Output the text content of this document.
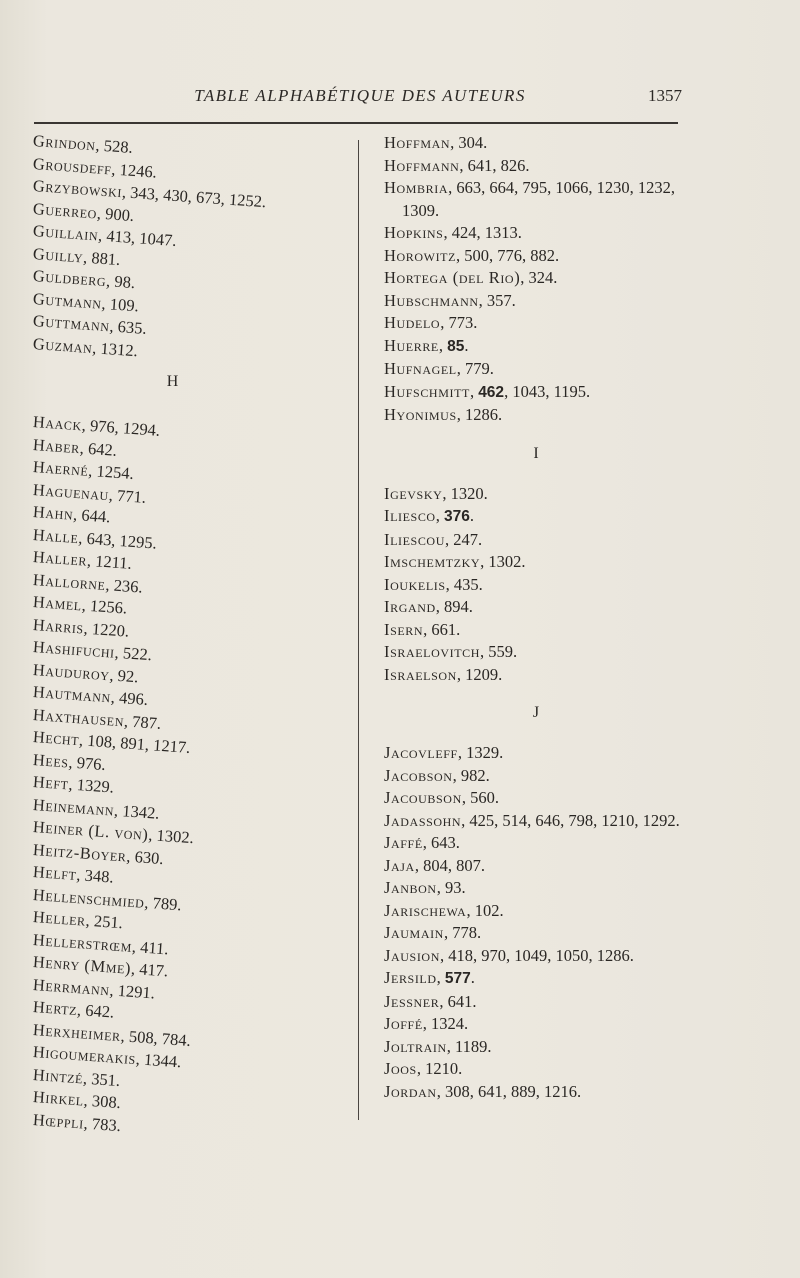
TABLE ALPHABÉTIQUE DES AUTEURS	1357
Grindon, 528.
Grousdeff, 1246.
Grzybowski, 343, 430, 673, 1252.
Guerreo, 900.
Guillain, 413, 1047.
Guilly, 881.
Guldberg, 98.
Gutmann, 109.
Guttmann, 635.
Guzman, 1312.
H
Haack, 976, 1294.
Haber, 642.
Haerné, 1254.
Haguenau, 771.
Hahn, 644.
Halle, 643, 1295.
Haller, 1211.
Hallorne, 236.
Hamel, 1256.
Harris, 1220.
Hashifuchi, 522.
Hauduroy, 92.
Hautmann, 496.
Haxthausen, 787.
Hecht, 108, 891, 1217.
Hees, 976.
Heft, 1329.
Heinemann, 1342.
Heiner (L. von), 1302.
Heitz-Boyer, 630.
Helft, 348.
Hellenschmied, 789.
Heller, 251.
Hellerstrœm, 411.
Henry (Mme), 417.
Herrmann, 1291.
Hertz, 642.
Herxheimer, 508, 784.
Higoumerakis, 1344.
Hintzé, 351.
Hirkel, 308.
Hœppli, 783.
Hoffman, 304.
Hoffmann, 641, 826.
Hombria, 663, 664, 795, 1066, 1230, 1232, 1309.
Hopkins, 424, 1313.
Horowitz, 500, 776, 882.
Hortega (del Rio), 324.
Hubschmann, 357.
Hudelo, 773.
Huerre, 85.
Hufnagel, 779.
Hufschmitt, 462, 1043, 1195.
Hyonimus, 1286.
I
Igevsky, 1320.
Iliesco, 376.
Iliescou, 247.
Imschemtzky, 1302.
Ioukelis, 435.
Irgand, 894.
Isern, 661.
Israelovitch, 559.
Israelson, 1209.
J
Jacovleff, 1329.
Jacobson, 982.
Jacoubson, 560.
Jadassohn, 425, 514, 646, 798, 1210, 1292.
Jaffé, 643.
Jaja, 804, 807.
Janbon, 93.
Jarischewa, 102.
Jaumain, 778.
Jausion, 418, 970, 1049, 1050, 1286.
Jersild, 577.
Jessner, 641.
Joffé, 1324.
Joltrain, 1189.
Joos, 1210.
Jordan, 308, 641, 889, 1216.
